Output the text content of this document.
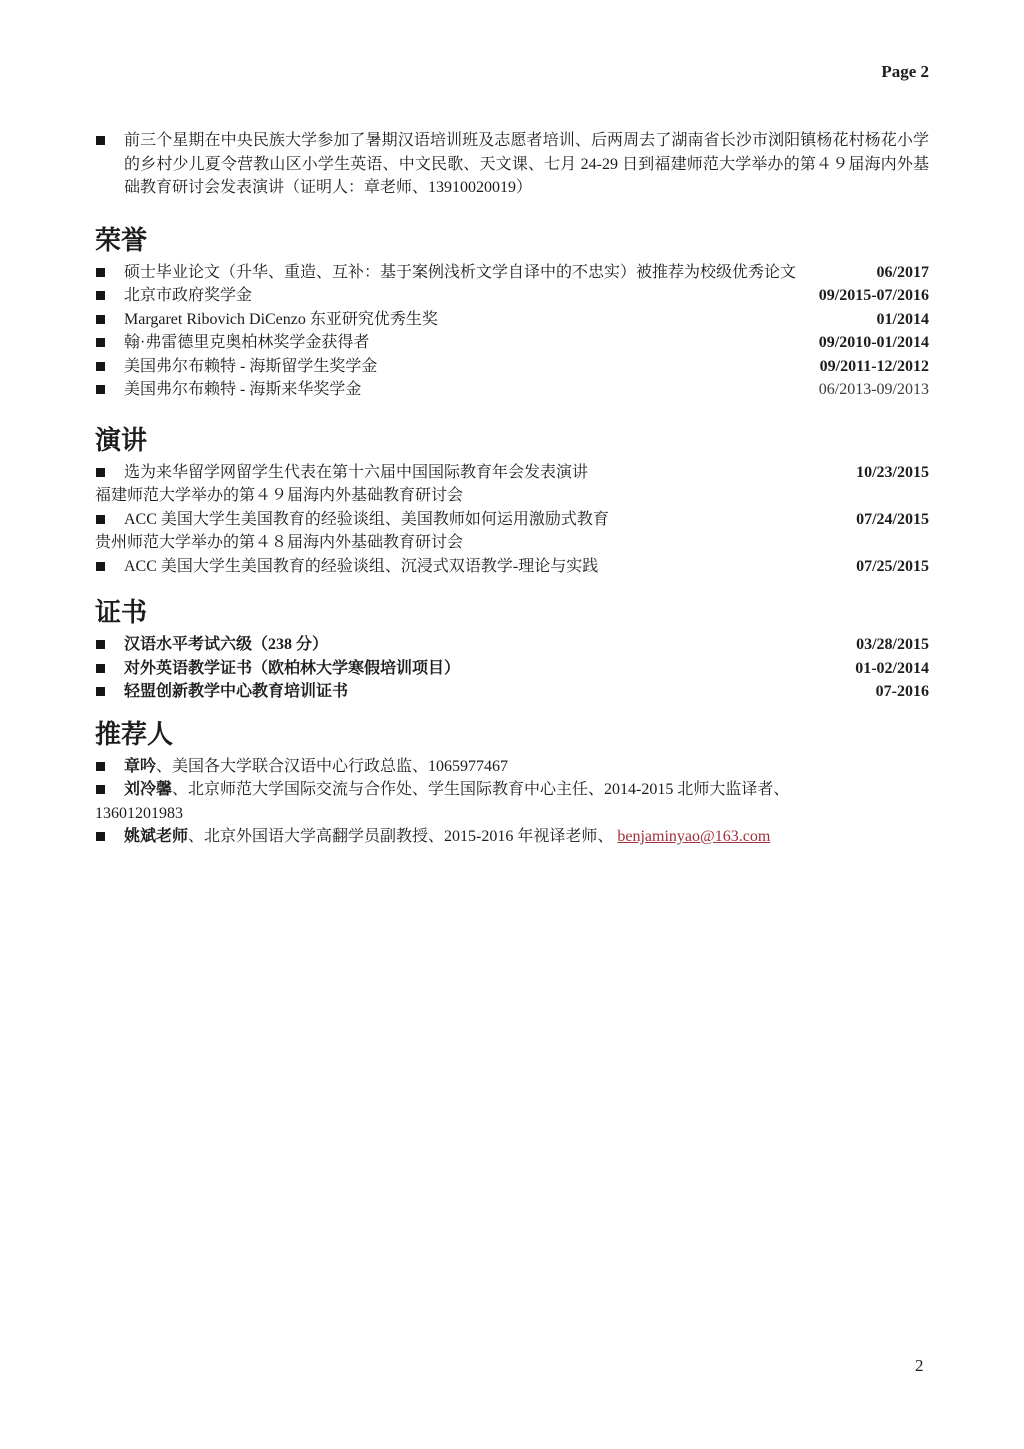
Page 2
前三个星期在中央民族大学参加了暑期汉语培训班及志愿者培训、后两周去了湖南省长沙市浏阳镇杨花村杨花小学的乡村少儿夏令营教山区小学生英语、中文民歌、天文课、七月 24-29 日到福建师范大学举办的第４９届海内外基础教育研讨会发表演讲（证明人：章老师、13910020019）
荣誉
硕士毕业论文（升华、重造、互补：基于案例浅析文学自译中的不忠实）被推荐为校级优秀论文	06/2017
北京市政府奖学金	09/2015-07/2016
Margaret Ribovich DiCenzo 东亚研究优秀生奖	01/2014
翰·弗雷德里克奥柏林奖学金获得者	09/2010-01/2014
美国弗尔布赖特 - 海斯留学生奖学金	09/2011-12/2012
美国弗尔布赖特 - 海斯来华奖学金	06/2013-09/2013
演讲
选为来华留学网留学生代表在第十六届中国国际教育年会发表演讲	10/23/2015
福建师范大学举办的第４９届海内外基础教育研讨会
ACC 美国大学生美国教育的经验谈组、美国教师如何运用激励式教育	07/24/2015
贵州师范大学举办的第４８届海内外基础教育研讨会
ACC 美国大学生美国教育的经验谈组、沉浸式双语教学-理论与实践	07/25/2015
证书
汉语水平考试六级（238 分）	03/28/2015
对外英语教学证书（欧柏林大学寒假培训项目）	01-02/2014
轻盟创新教学中心教育培训证书	07-2016
推荐人
章吟、美国各大学联合汉语中心行政总监、1065977467
刘冷馨、北京师范大学国际交流与合作处、学生国际教育中心主任、2014-2015 北师大监译者、
13601201983
姚斌老师、北京外国语大学高翻学员副教授、2015-2016 年视译老师、 benjaminyao@163.com
2
